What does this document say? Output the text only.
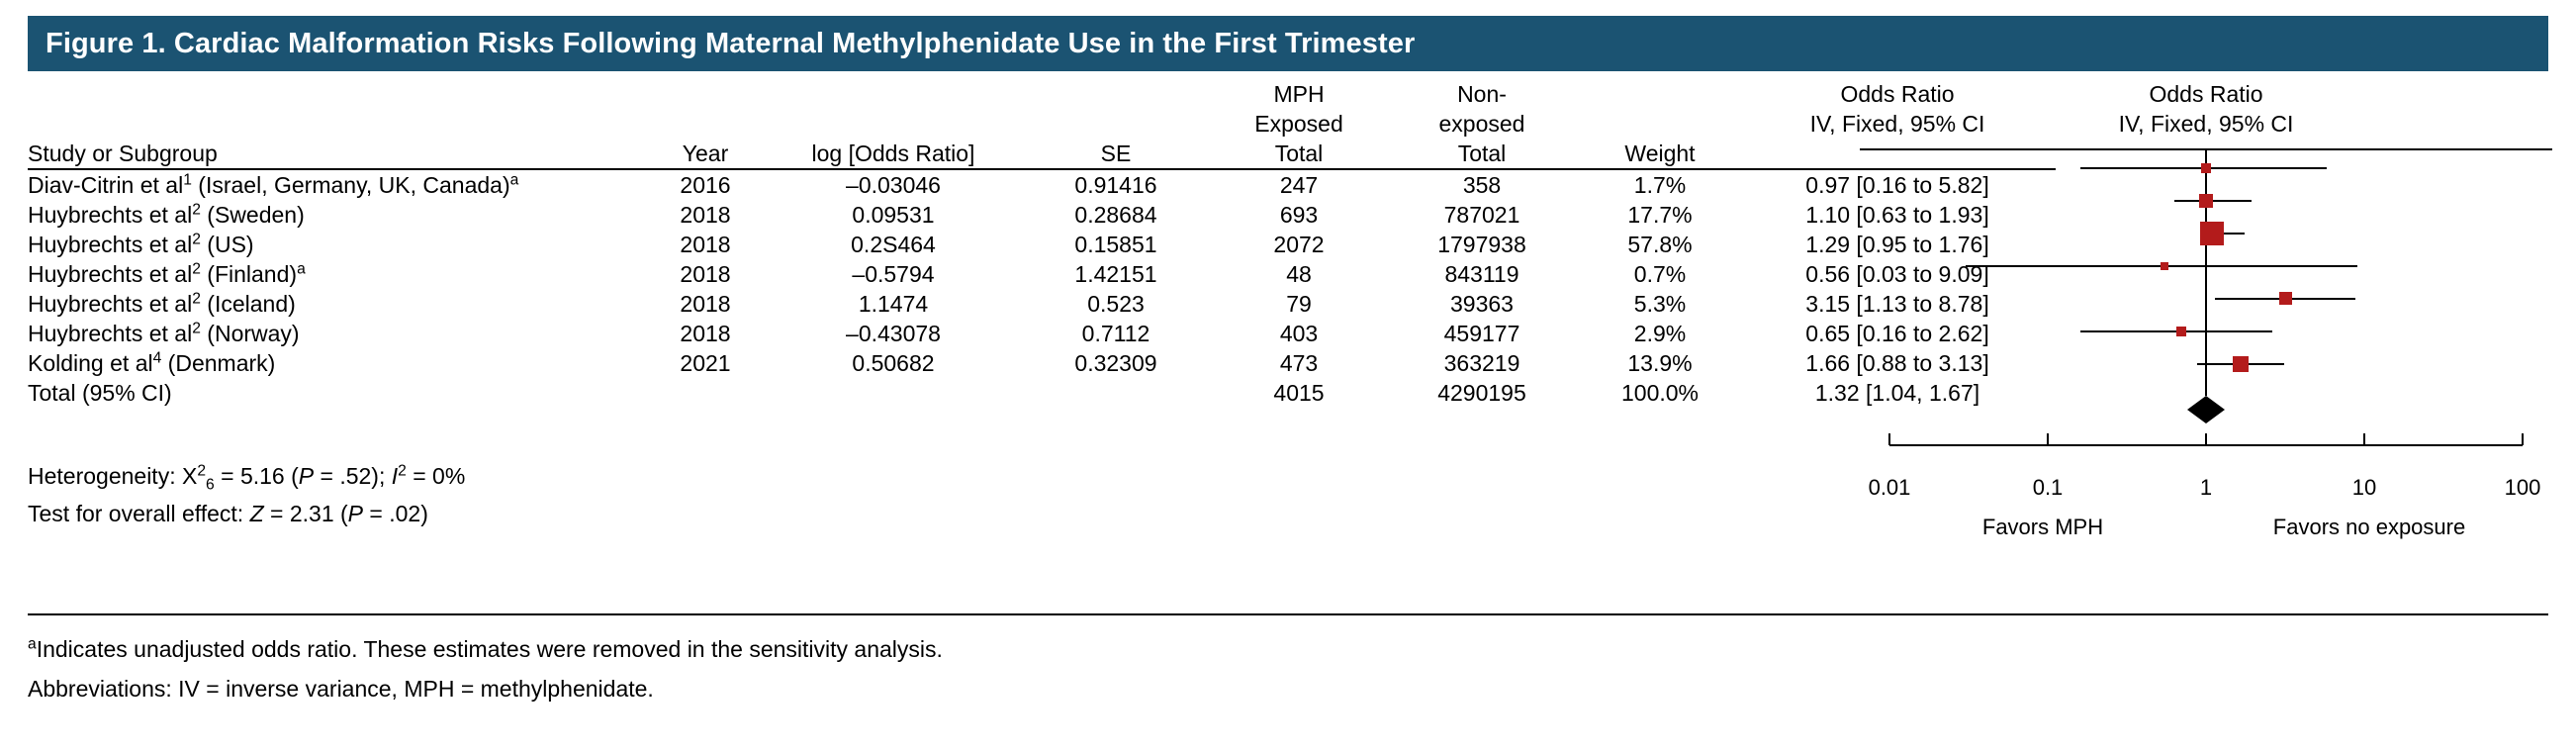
Figure 1. Cardiac Malformation Risks Following Maternal Methylphenidate Use in the First Trimester
				MPH	Non-		Odds Ratio
				Exposed	exposed		IV, Fixed, 95% CI
Study or Subgroup	Year	log [Odds Ratio]	SE	Total	Total	Weight	
Diav-Citrin et $al^1$ (Israel, Germany, UK, Canada)$^a$	2016	–0.03046	0.91416	247	358	1.7%	0.97 [0.16 to 5.82]
Huybrechts et $al^2$ (Sweden)	2018	0.09531	0.28684	693	787021	17.7%	1.10 [0.63 to 1.93]
Huybrechts et $al^2$ (US)	2018	0.2S464	0.15851	2072	1797938	57.8%	1.29 [0.95 to 1.76]
Huybrechts et $al^2$ (Finland)$^a$	2018	–0.5794	1.42151	48	843119	0.7%	0.56 [0.03 to 9.09]
Huybrechts et $al^2$ (Iceland)	2018	1.1474	0.523	79	39363	5.3%	3.15 [1.13 to 8.78]
Huybrechts et $al^2$ (Norway)	2018	–0.43078	0.7112	403	459177	2.9%	0.65 [0.16 to 2.62]
Kolding et $al^4$ (Denmark)	2021	0.50682	0.32309	473	363219	13.9%	1.66 [0.88 to 3.13]
Total (95% CI)				4015	4290195	100.0%	1.32 [1.04, 1.67]
Heterogeneity: $X^2_6 = 5.16$ (P = .52); $I^2 = 0\%$
Test for overall effect: Z = 2.31 (P = .02)
Odds Ratio
IV, Fixed, 95% CI
0.01	0.1	1	10	100
Favors MPH	Favors no exposure
$^a$Indicates unadjusted odds ratio. These estimates were removed in the sensitivity analysis.
Abbreviations: IV = inverse variance, MPH = methylphenidate.
